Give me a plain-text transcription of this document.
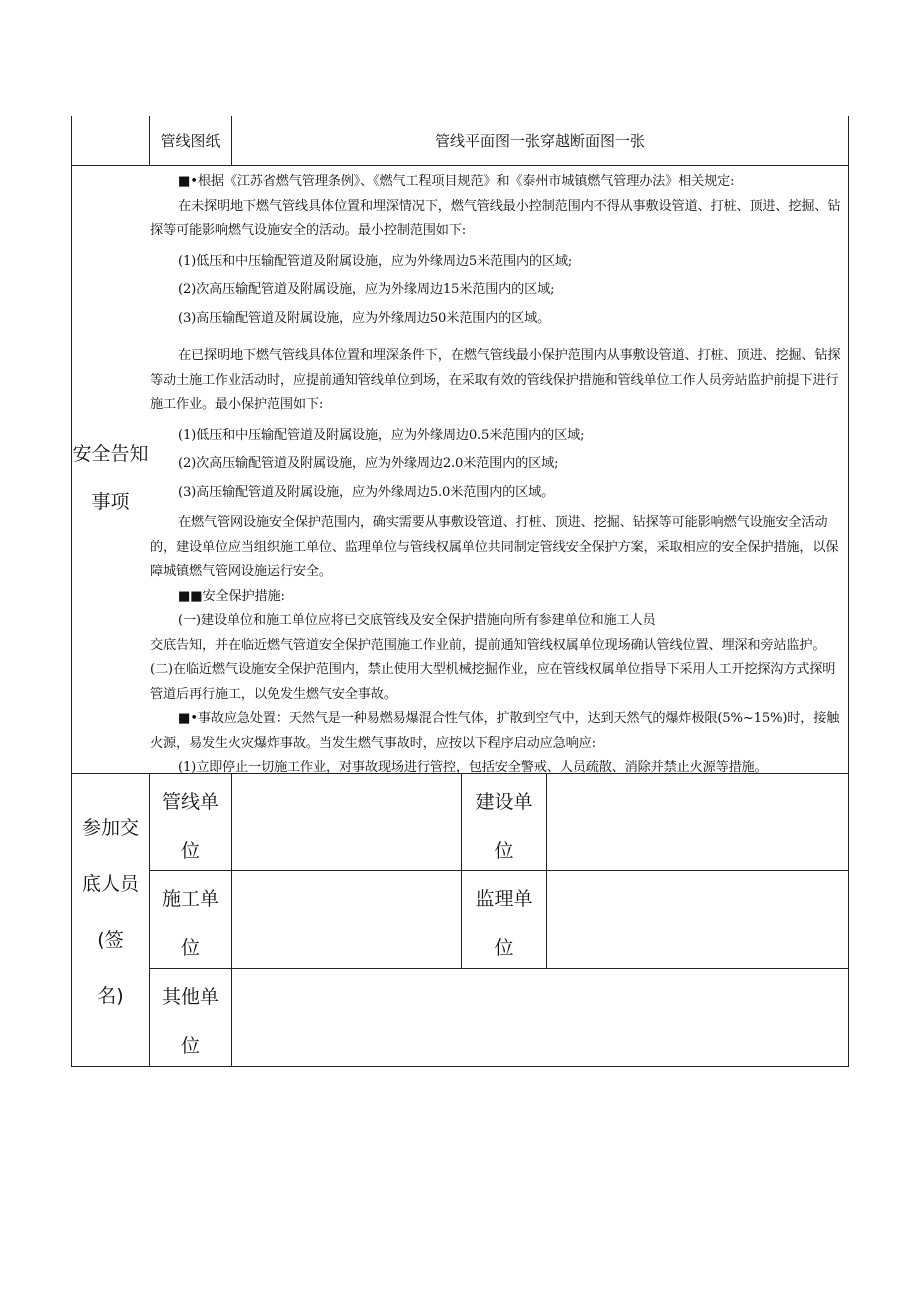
管线图纸	管线平面图一张穿越断面图一张
安全告知
事项

■•根据《江苏省燃气管理条例》、《燃气工程项目规范》和《泰州市城镇燃气管理办法》相关规定:

在未探明地下燃气管线具体位置和埋深情况下，燃气管线最小控制范围内不得从事敷设管道、打桩、顶进、挖掘、钻探等可能影响燃气设施安全的活动。最小控制范围如下:

(1)低压和中压输配管道及附属设施，应为外缘周边5米范围内的区域;

(2)次高压输配管道及附属设施，应为外缘周边15米范围内的区域;

(3)高压输配管道及附属设施，应为外缘周边50米范围内的区域。

在已探明地下燃气管线具体位置和埋深条件下，在燃气管线最小保护范围内从事敷设管道、打桩、顶进、挖掘、钻探等动土施工作业活动时，应提前通知管线单位到场，在采取有效的管线保护措施和管线单位工作人员旁站监护前提下进行施工作业。最小保护范围如下:

(1)低压和中压输配管道及附属设施，应为外缘周边0.5米范围内的区域;

(2)次高压输配管道及附属设施，应为外缘周边2.0米范围内的区域;

(3)高压输配管道及附属设施，应为外缘周边5.0米范围内的区域。

在燃气管网设施安全保护范围内，确实需要从事敷设管道、打桩、顶进、挖掘、钻探等可能影响燃气设施安全活动的，建设单位应当组织施工单位、监理单位与管线权属单位共同制定管线安全保护方案，采取相应的安全保护措施，以保障城镇燃气管网设施运行安全。

■■安全保护措施:

(一)建设单位和施工单位应将已交底管线及安全保护措施向所有参建单位和施工人员

交底告知，并在临近燃气管道安全保护范围施工作业前，提前通知管线权属单位现场确认管线位置、埋深和旁站监护。(二)在临近燃气设施安全保护范围内，禁止使用大型机械挖掘作业，应在管线权属单位指导下采用人工开挖探沟方式探明管道后再行施工，以免发生燃气安全事故。

■•事故应急处置：天然气是一种易燃易爆混合性气体，扩散到空气中，达到天然气的爆炸极限(5%~15%)时，接触火源，易发生火灾爆炸事故。当发生燃气事故时，应按以下程序启动应急响应:

(1)立即停止一切施工作业，对事故现场进行管控，包括安全警戒、人员疏散、消除并禁止火源等措施。

参加交
底人员
(签
名)
管线单
位
建设单
位
施工单
位
监理单
位
其他单
位
